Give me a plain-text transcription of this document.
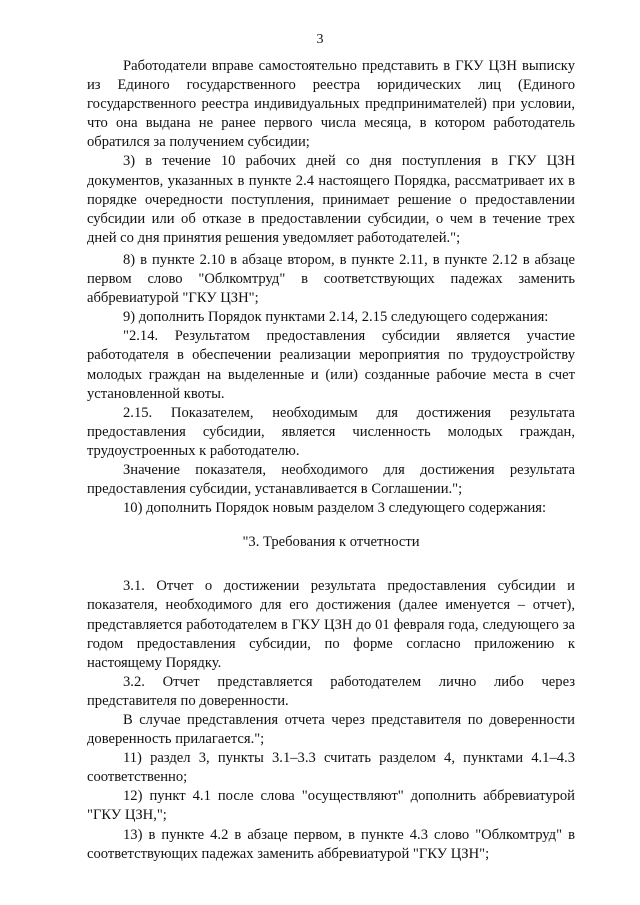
3

Работодатели вправе самостоятельно представить в ГКУ ЦЗН выписку из Единого государственного реестра юридических лиц (Единого государственного реестра индивидуальных предпринимателей) при условии, что она выдана не ранее первого числа месяца, в котором работодатель обратился за получением субсидии;

3) в течение 10 рабочих дней со дня поступления в ГКУ ЦЗН документов, указанных в пункте 2.4 настоящего Порядка, рассматривает их в порядке очередности поступления, принимает решение о предоставлении субсидии или об отказе в предоставлении субсидии, о чем в течение трех дней со дня принятия решения уведомляет работодателей.";

8) в пункте 2.10 в абзаце втором, в пункте 2.11, в пункте 2.12 в абзаце первом слово "Облкомтруд" в соответствующих падежах заменить аббревиатурой "ГКУ ЦЗН";

9) дополнить Порядок пунктами 2.14, 2.15 следующего содержания:

"2.14. Результатом предоставления субсидии является участие работодателя в обеспечении реализации мероприятия по трудоустройству молодых граждан на выделенные и (или) созданные рабочие места в счет установленной квоты.

2.15. Показателем, необходимым для достижения результата предоставления субсидии, является численность молодых граждан, трудоустроенных к работодателю.

Значение показателя, необходимого для достижения результата предоставления субсидии, устанавливается в Соглашении.";

10) дополнить Порядок новым разделом 3 следующего содержания:

"3. Требования к отчетности

3.1. Отчет о достижении результата предоставления субсидии и показателя, необходимого для его достижения (далее именуется – отчет), представляется работодателем в ГКУ ЦЗН до 01 февраля года, следующего за годом предоставления субсидии, по форме согласно приложению к настоящему Порядку.

3.2. Отчет представляется работодателем лично либо через представителя по доверенности.

В случае представления отчета через представителя по доверенности доверенность прилагается.";

11) раздел 3, пункты 3.1–3.3 считать разделом 4, пунктами 4.1–4.3 соответственно;

12) пункт 4.1 после слова "осуществляют" дополнить аббревиатурой "ГКУ ЦЗН,";

13) в пункте 4.2 в абзаце первом, в пункте 4.3 слово "Облкомтруд" в соответствующих падежах заменить аббревиатурой "ГКУ ЦЗН";
